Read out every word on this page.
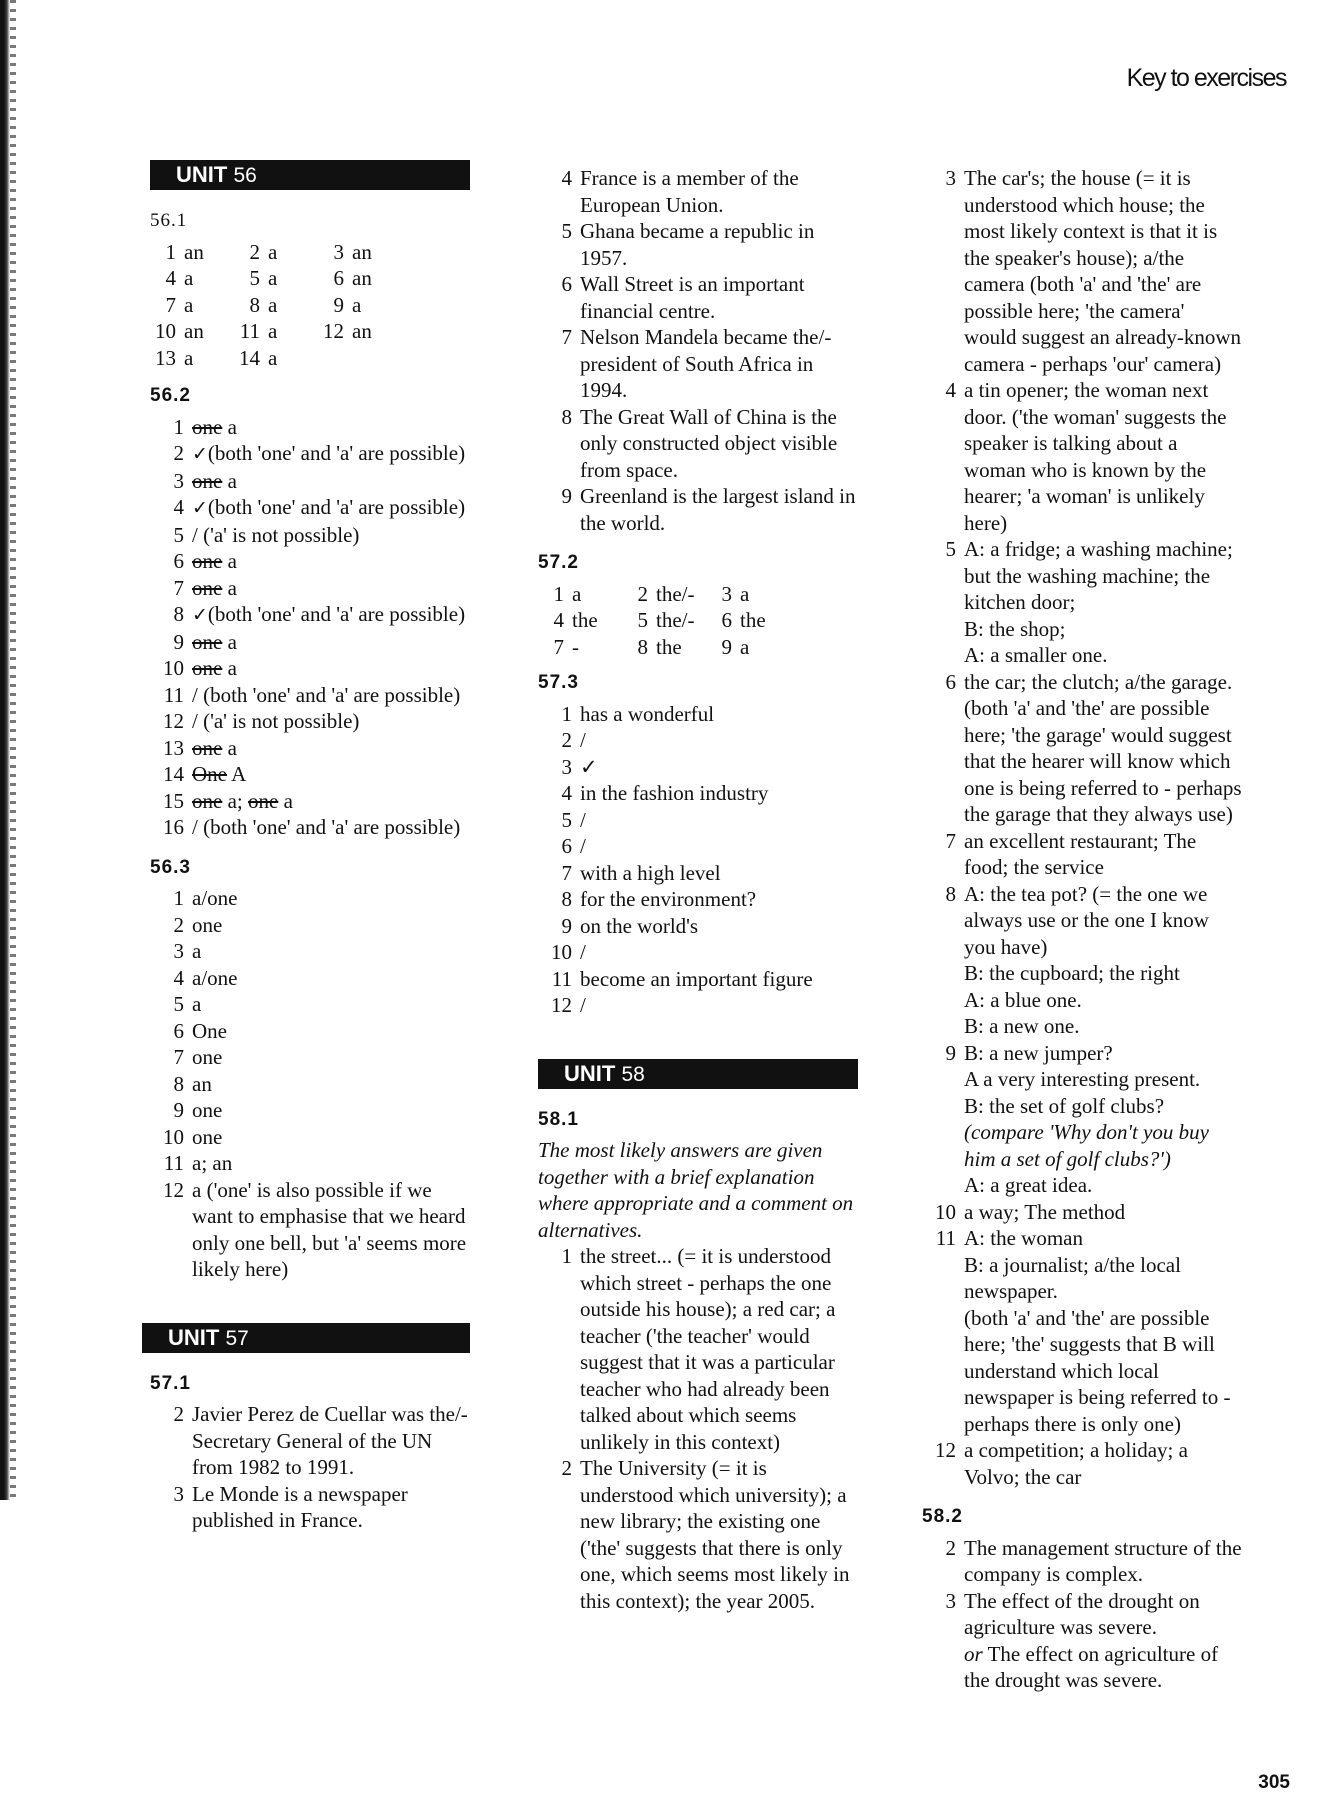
Key to exercises
UNIT 56
56.1
1 an	2 a	3 an
4 a	5 a	6 an
7 a	8 a	9 a
10 an	11 a	12 an
13 a	14 a
56.2
1 one a
2 ✓(both 'one' and 'a' are possible)
3 one a
4 ✓(both 'one' and 'a' are possible)
5 / ('a' is not possible)
6 one a
7 one a
8 ✓(both 'one' and 'a' are possible)
9 one a
10 one a
11 / (both 'one' and 'a' are possible)
12 / ('a' is not possible)
13 one a
14 One A
15 one a; one a
16 / (both 'one' and 'a' are possible)
56.3
1 a/one
2 one
3 a
4 a/one
5 a
6 One
7 one
8 an
9 one
10 one
11 a; an
12 a ('one' is also possible if we want to emphasise that we heard only one bell, but 'a' seems more likely here)
UNIT 57
57.1
2 Javier Perez de Cuellar was the/- Secretary General of the UN from 1982 to 1991.
3 Le Monde is a newspaper published in France.
4 France is a member of the European Union.
5 Ghana became a republic in 1957.
6 Wall Street is an important financial centre.
7 Nelson Mandela became the/- president of South Africa in 1994.
8 The Great Wall of China is the only constructed object visible from space.
9 Greenland is the largest island in the world.
57.2
1 a	2 the/-	3 a
4 the	5 the/-	6 the
7 -	8 the	9 a
57.3
1 has a wonderful
2 /
3 ✓
4 in the fashion industry
5 /
6 /
7 with a high level
8 for the environment?
9 on the world's
10 /
11 become an important figure
12 /
UNIT 58
58.1
The most likely answers are given together with a brief explanation where appropriate and a comment on alternatives.
1 the street... (= it is understood which street - perhaps the one outside his house); a red car; a teacher ('the teacher' would suggest that it was a particular teacher who had already been talked about which seems unlikely in this context)
2 The University (= it is understood which university); a new library; the existing one ('the' suggests that there is only one, which seems most likely in this context); the year 2005.
3 The car's; the house (= it is understood which house; the most likely context is that it is the speaker's house); a/the camera (both 'a' and 'the' are possible here; 'the camera' would suggest an already-known camera - perhaps 'our' camera)
4 a tin opener; the woman next door. ('the woman' suggests the speaker is talking about a woman who is known by the hearer; 'a woman' is unlikely here)
5 A: a fridge; a washing machine; but the washing machine; the kitchen door;
B: the shop;
A: a smaller one.
6 the car; the clutch; a/the garage. (both 'a' and 'the' are possible here; 'the garage' would suggest that the hearer will know which one is being referred to - perhaps the garage that they always use)
7 an excellent restaurant; The food; the service
8 A: the tea pot? (= the one we always use or the one I know you have)
B: the cupboard; the right
A: a blue one.
B: a new one.
9 B: a new jumper?
A a very interesting present.
B: the set of golf clubs?
(compare 'Why don't you buy him a set of golf clubs?')
A: a great idea.
10 a way; The method
11 A: the woman
B: a journalist; a/the local newspaper.
(both 'a' and 'the' are possible here; 'the' suggests that B will understand which local newspaper is being referred to - perhaps there is only one)
12 a competition; a holiday; a Volvo; the car
58.2
2 The management structure of the company is complex.
3 The effect of the drought on agriculture was severe.
or The effect on agriculture of the drought was severe.
305
